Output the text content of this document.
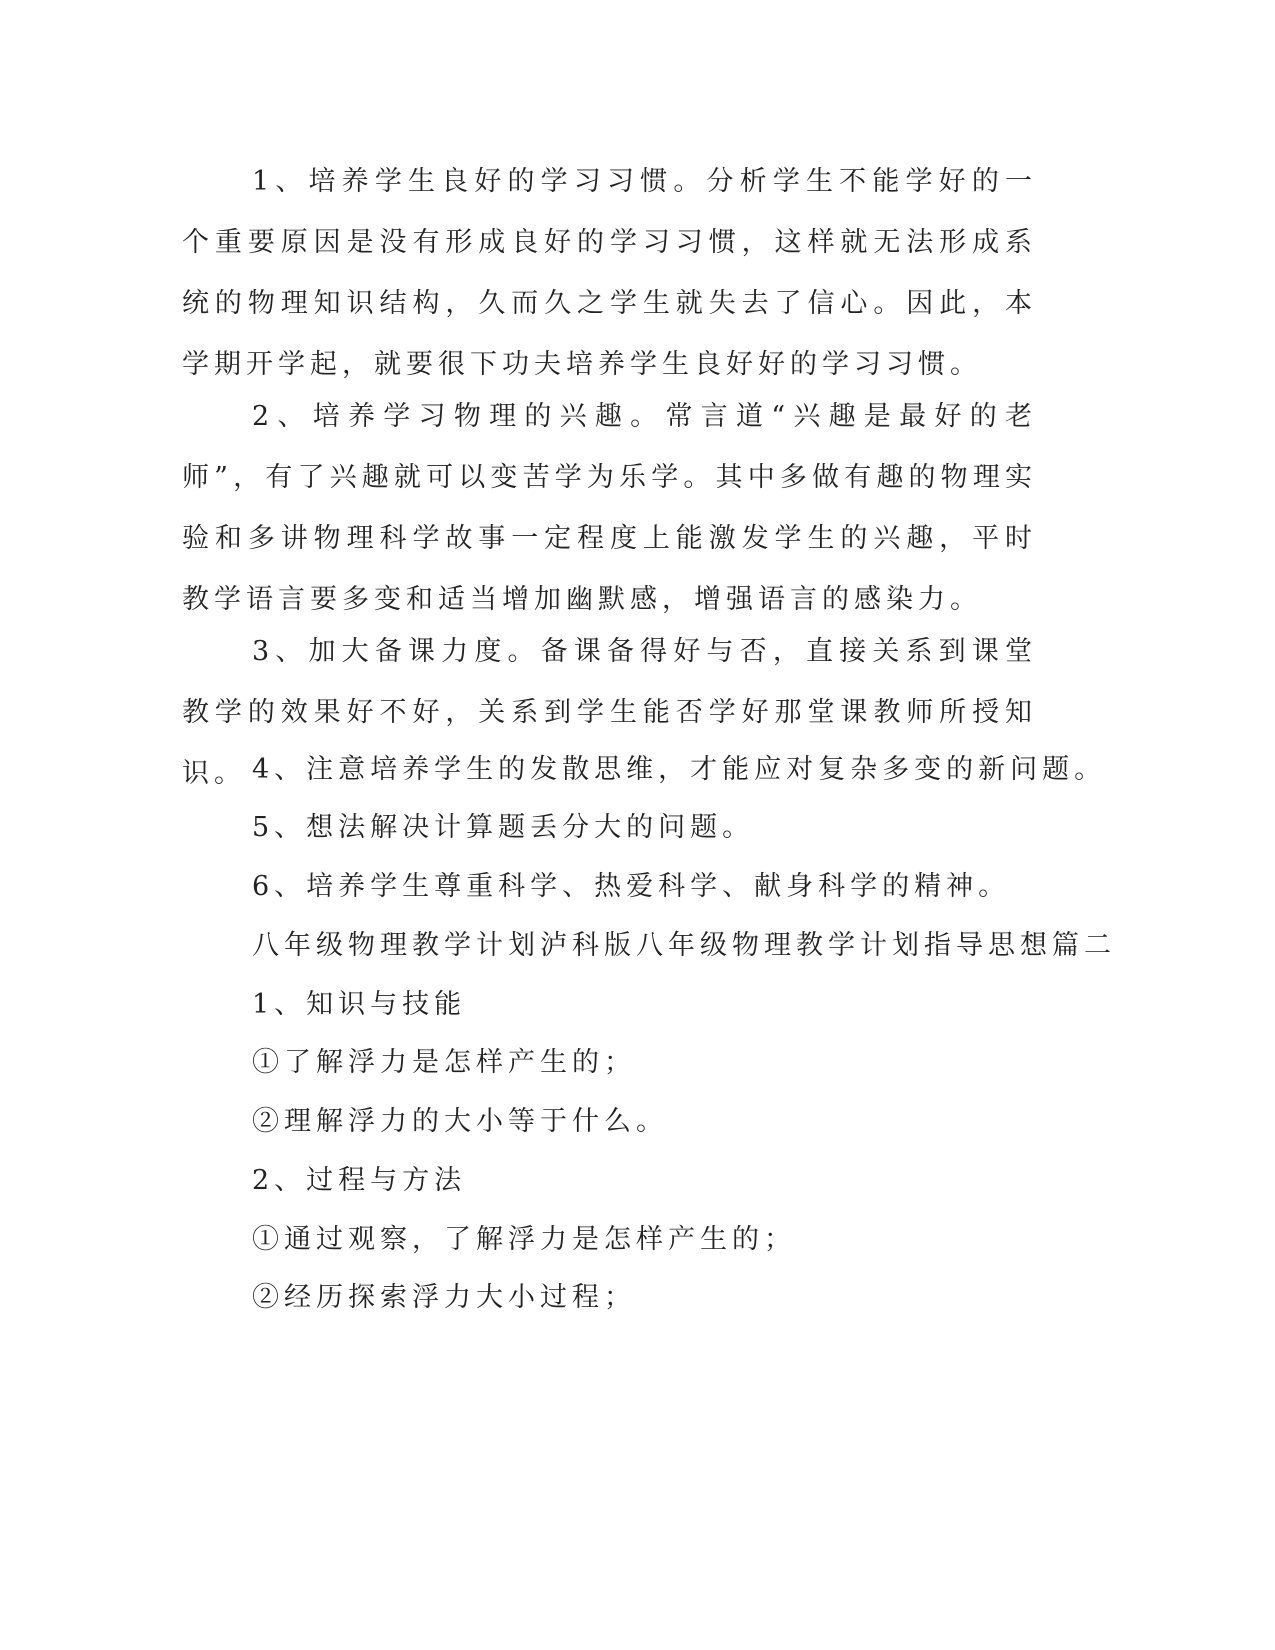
1、培养学生良好的学习习惯。分析学生不能学好的一个重要原因是没有形成良好的学习习惯，这样就无法形成系统的物理知识结构，久而久之学生就失去了信心。因此，本学期开学起，就要很下功夫培养学生良好好的学习习惯。

2、培养学习物理的兴趣。常言道“兴趣是最好的老师”，有了兴趣就可以变苦学为乐学。其中多做有趣的物理实验和多讲物理科学故事一定程度上能激发学生的兴趣，平时教学语言要多变和适当增加幽默感，增强语言的感染力。

3、加大备课力度。备课备得好与否，直接关系到课堂教学的效果好不好，关系到学生能否学好那堂课教师所授知识。 4、注意培养学生的发散思维，才能应对复杂多变的新问题。

5、想法解决计算题丢分大的问题。

6、培养学生尊重科学、热爱科学、献身科学的精神。

八年级物理教学计划泸科版八年级物理教学计划指导思想篇二

1、知识与技能

①了解浮力是怎样产生的；

②理解浮力的大小等于什么。

2、过程与方法

①通过观察，了解浮力是怎样产生的；

②经历探索浮力大小过程；
